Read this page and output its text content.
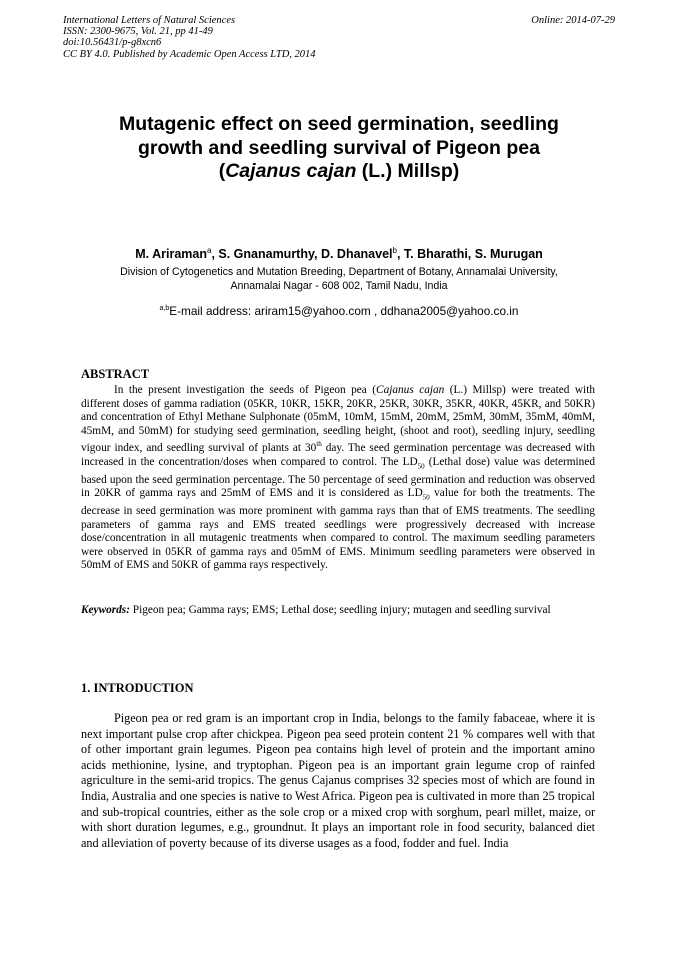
International Letters of Natural Sciences
ISSN: 2300-9675, Vol. 21, pp 41-49
doi:10.56431/p-g8xcn6
CC BY 4.0. Published by Academic Open Access LTD, 2014
Online: 2014-07-29
Mutagenic effect on seed germination, seedling
growth and seedling survival of Pigeon pea
(Cajanus cajan (L.) Millsp)
M. Ariraman$^a$, S. Gnanamurthy, D. Dhanavel$^b$, T. Bharathi, S. Murugan
Division of Cytogenetics and Mutation Breeding, Department of Botany, Annamalai University,
Annamalai Nagar - 608 002, Tamil Nadu, India
$^{a,b}$E-mail address: ariram15@yahoo.com , ddhana2005@yahoo.co.in
ABSTRACT

In the present investigation the seeds of Pigeon pea (Cajanus cajan (L.) Millsp) were treated with different doses of gamma radiation (05KR, 10KR, 15KR, 20KR, 25KR, 30KR, 35KR, 40KR, 45KR, and 50KR) and concentration of Ethyl Methane Sulphonate (05mM, 10mM, 15mM, 20mM, 25mM, 30mM, 35mM, 40mM, 45mM, and 50mM) for studying seed germination, seedling height, (shoot and root), seedling injury, seedling vigour index, and seedling survival of plants at 30th day. The seed germination percentage was decreased with increased in the concentration/doses when compared to control. The $LD_{50}$ (Lethal dose) value was determined based upon the seed germination percentage. The 50 percentage of seed germination and reduction was observed in 20KR of gamma rays and 25mM of EMS and it is considered as $LD_{50}$ value for both the treatments. The decrease in seed germination was more prominent with gamma rays than that of EMS treatments. The seedling parameters of gamma rays and EMS treated seedlings were progressively decreased with increase dose/concentration in all mutagenic treatments when compared to control. The maximum seedling parameters were observed in 05KR of gamma rays and 05mM of EMS. Minimum seedling parameters were observed in 50mM of EMS and 50KR of gamma rays respectively.

Keywords: Pigeon pea; Gamma rays; EMS; Lethal dose; seedling injury; mutagen and seedling survival

1. INTRODUCTION

Pigeon pea or red gram is an important crop in India, belongs to the family fabaceae, where it is next important pulse crop after chickpea. Pigeon pea seed protein content 21 % compares well with that of other important grain legumes. Pigeon pea contains high level of protein and the important amino acids methionine, lysine, and tryptophan. Pigeon pea is an important grain legume crop of rainfed agriculture in the semi-arid tropics. The genus Cajanus comprises 32 species most of which are found in India, Australia and one species is native to West Africa. Pigeon pea is cultivated in more than 25 tropical and sub-tropical countries, either as the sole crop or a mixed crop with sorghum, pearl millet, maize, or with short duration legumes, e.g., groundnut. It plays an important role in food security, balanced diet and alleviation of poverty because of its diverse usages as a food, fodder and fuel. India
